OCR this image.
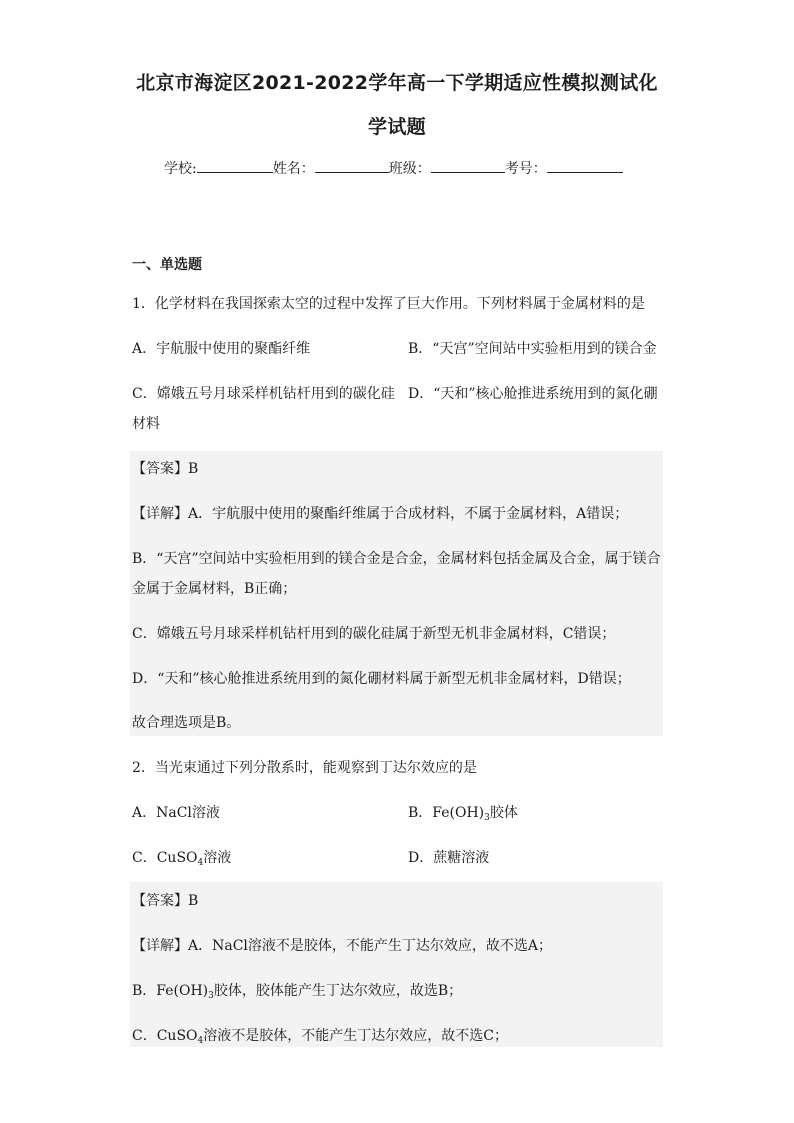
北京市海淀区2021-2022学年高一下学期适应性模拟测试化
学试题
学校:	姓名：	班级：	考号：
一、单选题
1．化学材料在我国探索太空的过程中发挥了巨大作用。下列材料属于金属材料的是
A．宇航服中使用的聚酯纤维	B．“天宫”空间站中实验柜用到的镁合金
C．嫦娥五号月球采样机钻杆用到的碳化硅 D．“天和”核心舱推进系统用到的氮化硼
材料
【答案】B
【详解】A．宇航服中使用的聚酯纤维属于合成材料，不属于金属材料，A错误；
B．“天宫”空间站中实验柜用到的镁合金是合金，金属材料包括金属及合金，属于镁合
金属于金属材料，B正确；
C．嫦娥五号月球采样机钻杆用到的碳化硅属于新型无机非金属材料，C错误；
D．“天和”核心舱推进系统用到的氮化硼材料属于新型无机非金属材料，D错误；
故合理选项是B。
2．当光束通过下列分散系时，能观察到丁达尔效应的是
A．NaCl溶液	B．$Fe(OH)_3$胶体
C．CuSO$_4$溶液	D．蔗糖溶液
【答案】B
【详解】A．NaCl溶液不是胶体，不能产生丁达尔效应，故不选A；
B．$Fe(OH)_3$胶体，胶体能产生丁达尔效应，故选B；
C．CuSO$_4$溶液不是胶体，不能产生丁达尔效应，故不选C；
